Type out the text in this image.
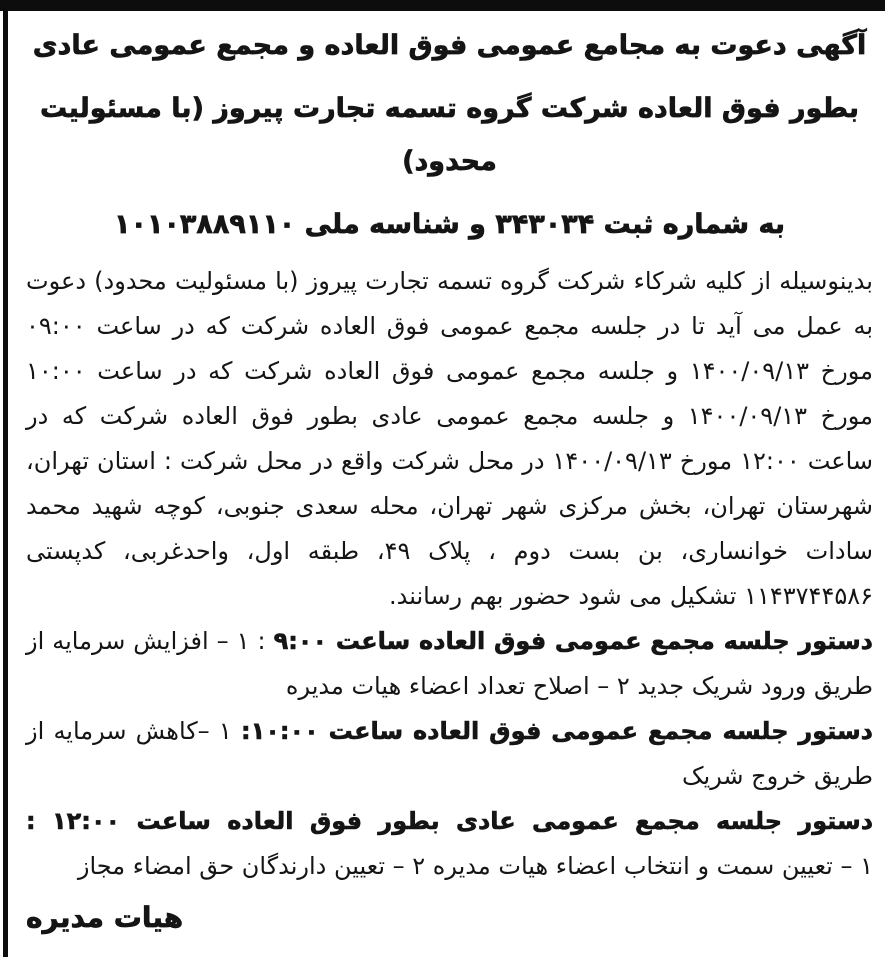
آگهی دعوت به مجامع عمومی فوق العاده و مجمع عمومی عادی
بطور فوق العاده شرکت گروه تسمه تجارت پیروز (با مسئولیت محدود)
به شماره ثبت ۳۴۳۰۳۴ و شناسه ملی ۱۰۱۰۳۸۸۹۱۱۰

بدینوسیله از کلیه شرکاء شرکت گروه تسمه تجارت پیروز (با مسئولیت محدود) دعوت به عمل می آید تا در جلسه مجمع عمومی فوق العاده شرکت که در ساعت ۰۹:۰۰ مورخ ۱۴۰۰/۰۹/۱۳ و جلسه مجمع عمومی فوق العاده شرکت که در ساعت ۱۰:۰۰ مورخ ۱۴۰۰/۰۹/۱۳ و جلسه مجمع عمومی عادی بطور فوق العاده شرکت که در ساعت ۱۲:۰۰ مورخ ۱۴۰۰/۰۹/۱۳ در محل شرکت واقع در محل شرکت : استان تهران، شهرستان تهران، بخش مرکزی شهر تهران، محله سعدی جنوبی، کوچه شهید محمد سادات خوانساری، بن بست دوم ، پلاک ۴۹، طبقه اول، واحدغربی، کدپستی ۱۱۴۳۷۴۴۵۸۶ تشکیل می شود حضور بهم رسانند.

دستور جلسه مجمع عمومی فوق العاده ساعت ۹:۰۰ : ۱ – افزایش سرمایه از طریق ورود شریک جدید ۲ – اصلاح تعداد اعضاء هیات مدیره

دستور جلسه مجمع عمومی فوق العاده ساعت ۱۰:۰۰: ۱ –کاهش سرمایه از طریق خروج شریک

دستور جلسه مجمع عمومی عادی بطور فوق العاده ساعت ۱۲:۰۰ :
۱ – تعیین سمت و انتخاب اعضاء هیات مدیره ۲ – تعیین دارندگان حق امضاء مجاز

هیات مدیره
